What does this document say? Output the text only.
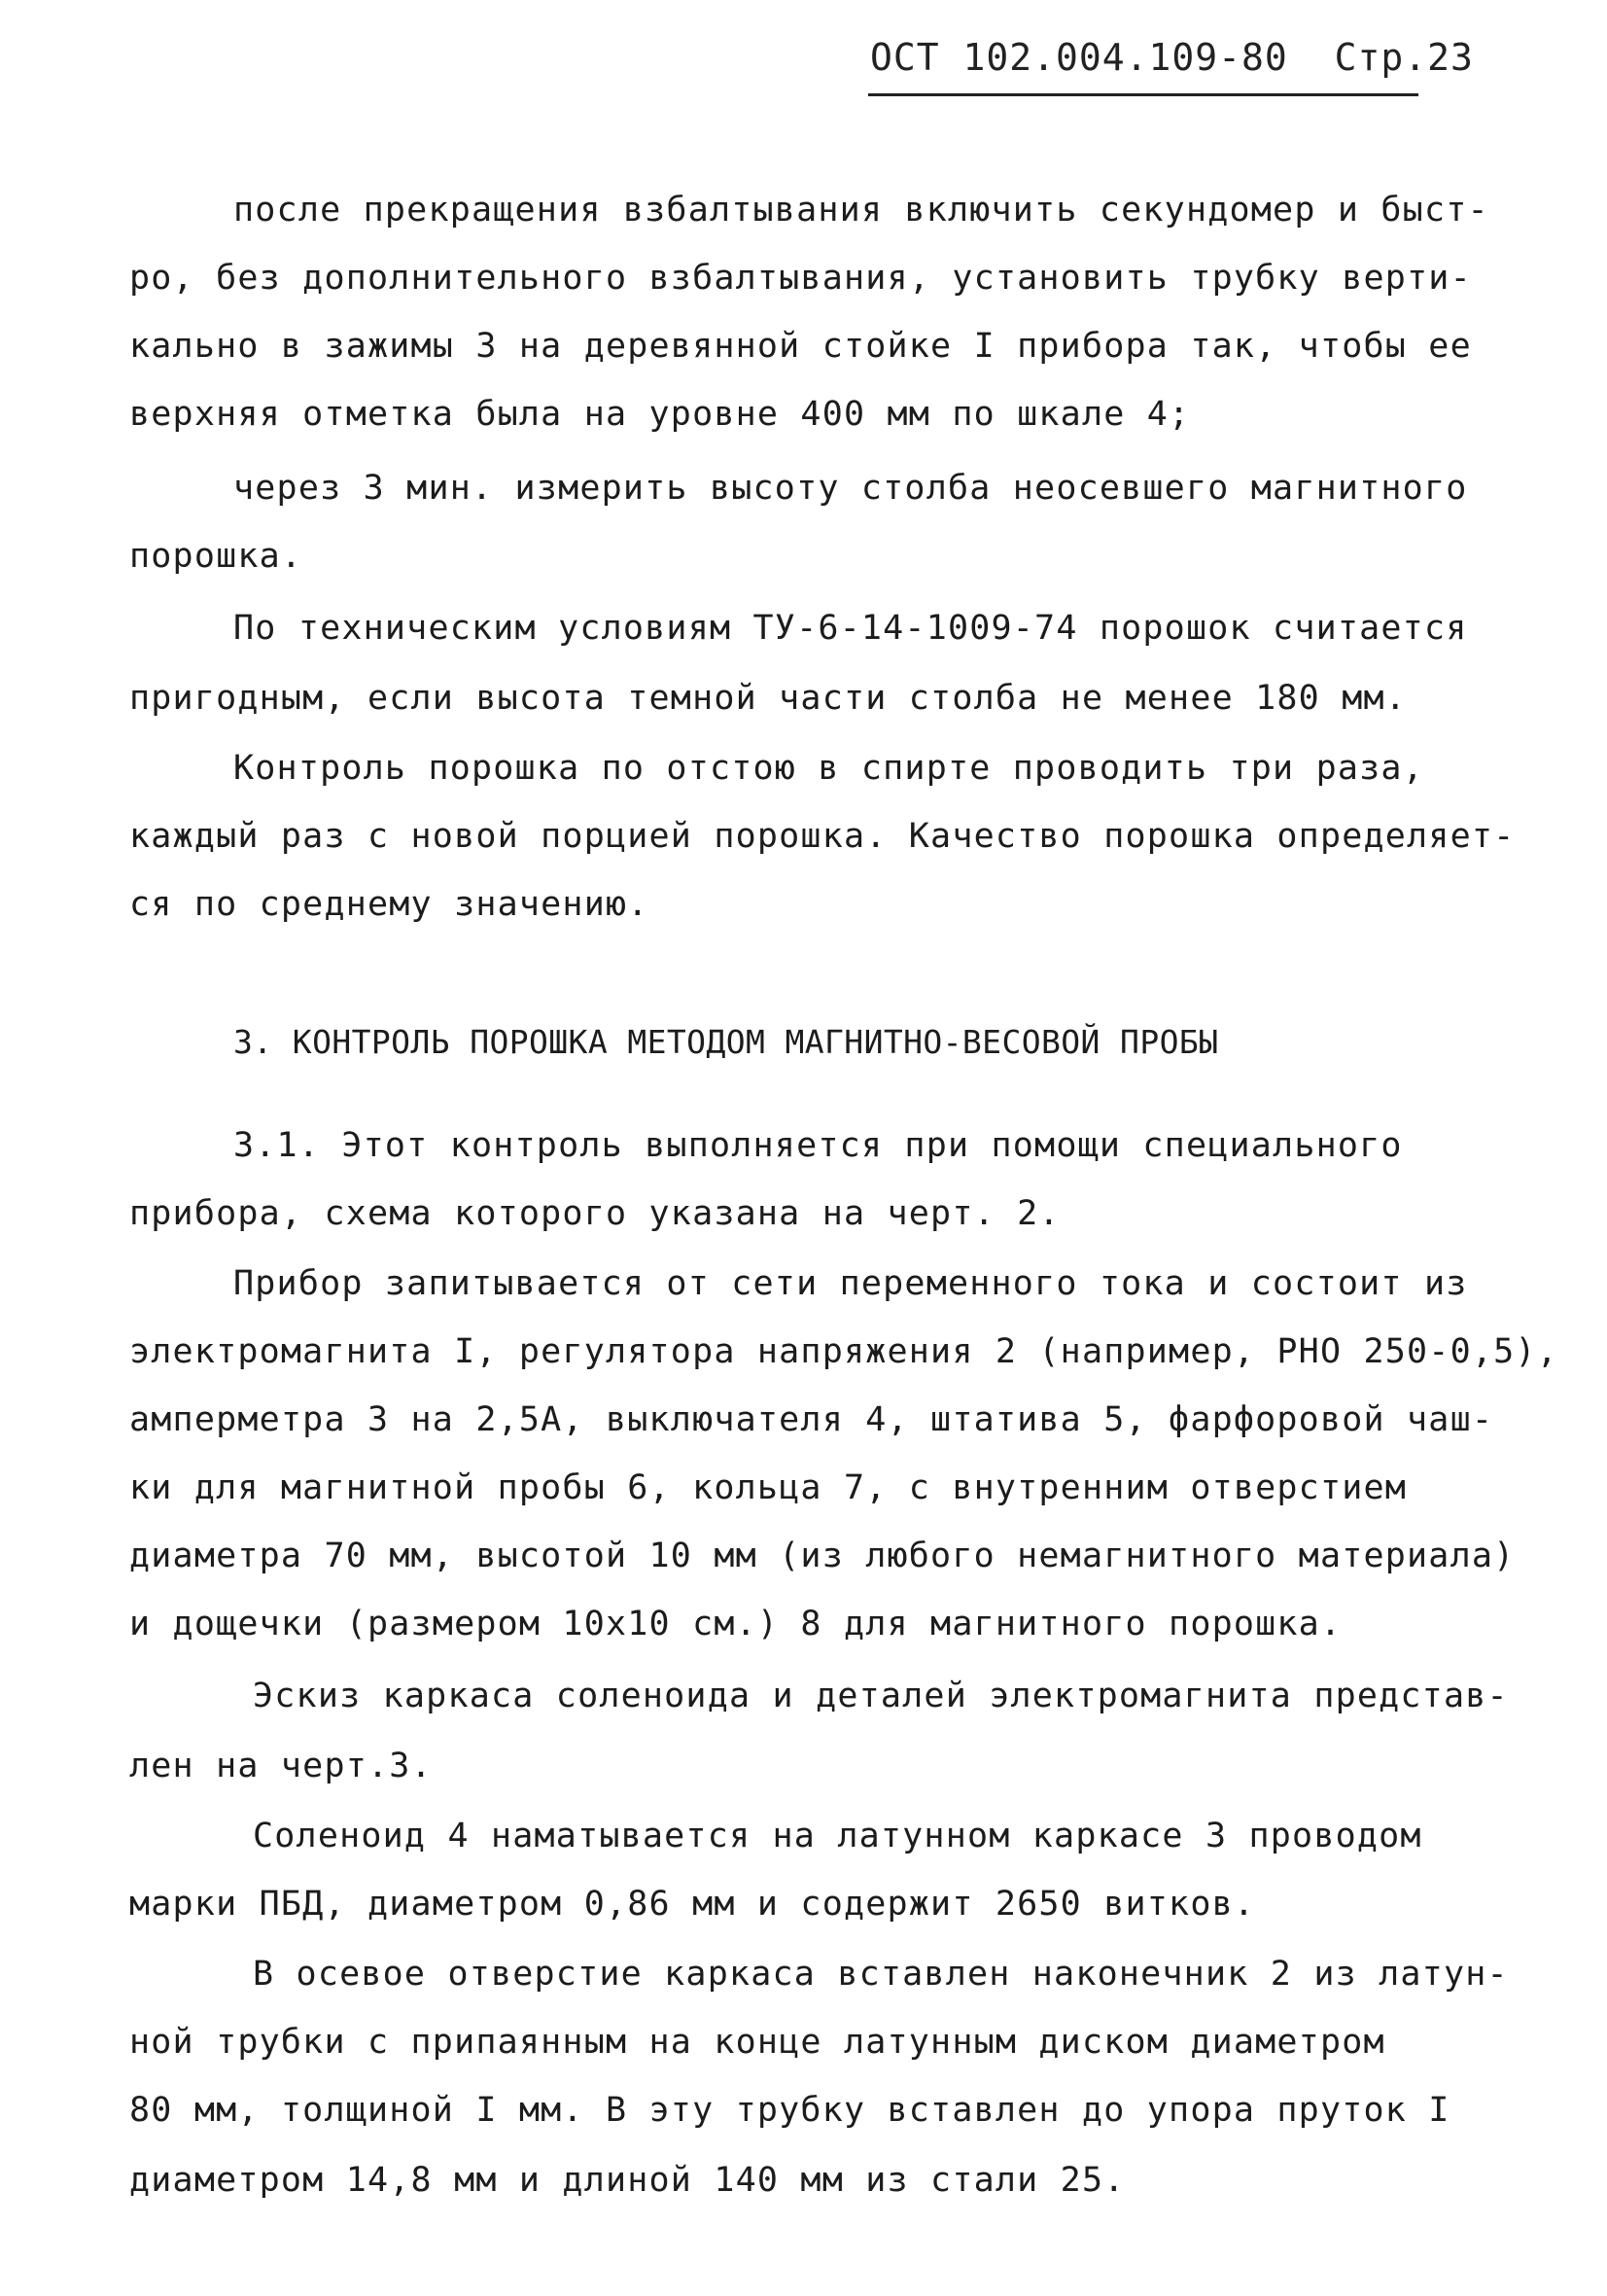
ОСТ 102.004.109-80 Стр.23
после прекращения взбалтывания включить секундомер и быст-
ро, без дополнительного взбалтывания, установить трубку верти-
кально в зажимы 3 на деревянной стойке I прибора так, чтобы ее
верхняя отметка была на уровне 400 мм по шкале 4;
через 3 мин. измерить высоту столба неосевшего магнитного
порошка.
По техническим условиям ТУ-6-14-1009-74 порошок считается
пригодным, если высота темной части столба не менее 180 мм.
Контроль порошка по отстою в спирте проводить три раза,
каждый раз с новой порцией порошка. Качество порошка определяет-
ся по среднему значению.
3. КОНТРОЛЬ ПОРОШКА МЕТОДОМ МАГНИТНО-ВЕСОВОЙ ПРОБЫ
3.1. Этот контроль выполняется при помощи специального
прибора, схема которого указана на черт. 2.
Прибор запитывается от сети переменного тока и состоит из
электромагнита I, регулятора напряжения 2 (например, РНО 250-0,5),
амперметра 3 на 2,5А, выключателя 4, штатива 5, фарфоровой чаш-
ки для магнитной пробы 6, кольца 7, с внутренним отверстием
диаметра 70 мм, высотой 10 мм (из любого немагнитного материала)
и дощечки (размером 10х10 см.) 8 для магнитного порошка.
Эскиз каркаса соленоида и деталей электромагнита представ-
лен на черт.3.
Соленоид 4 наматывается на латунном каркасе 3 проводом
марки ПБД, диаметром 0,86 мм и содержит 2650 витков.
В осевое отверстие каркаса вставлен наконечник 2 из латун-
ной трубки с припаянным на конце латунным диском диаметром
80 мм, толщиной I мм. В эту трубку вставлен до упора пруток I
диаметром 14,8 мм и длиной 140 мм из стали 25.
